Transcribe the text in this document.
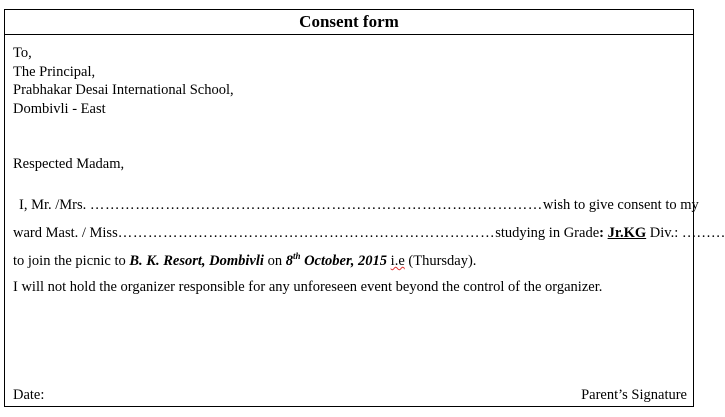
Consent form
To,
The Principal,
Prabhakar Desai International School,
Dombivli - East
Respected Madam,
I, Mr. /Mrs. ………………………………………………………………………………wish to give consent to my
ward Mast. / Miss…………………………………………………………………studying in Grade: Jr.KG Div.: ………
to join the picnic to B. K. Resort, Dombivli on 8th October, 2015 i.e (Thursday).
I will not hold the organizer responsible for any unforeseen event beyond the control of the organizer.
Date:	Parent’s Signature
